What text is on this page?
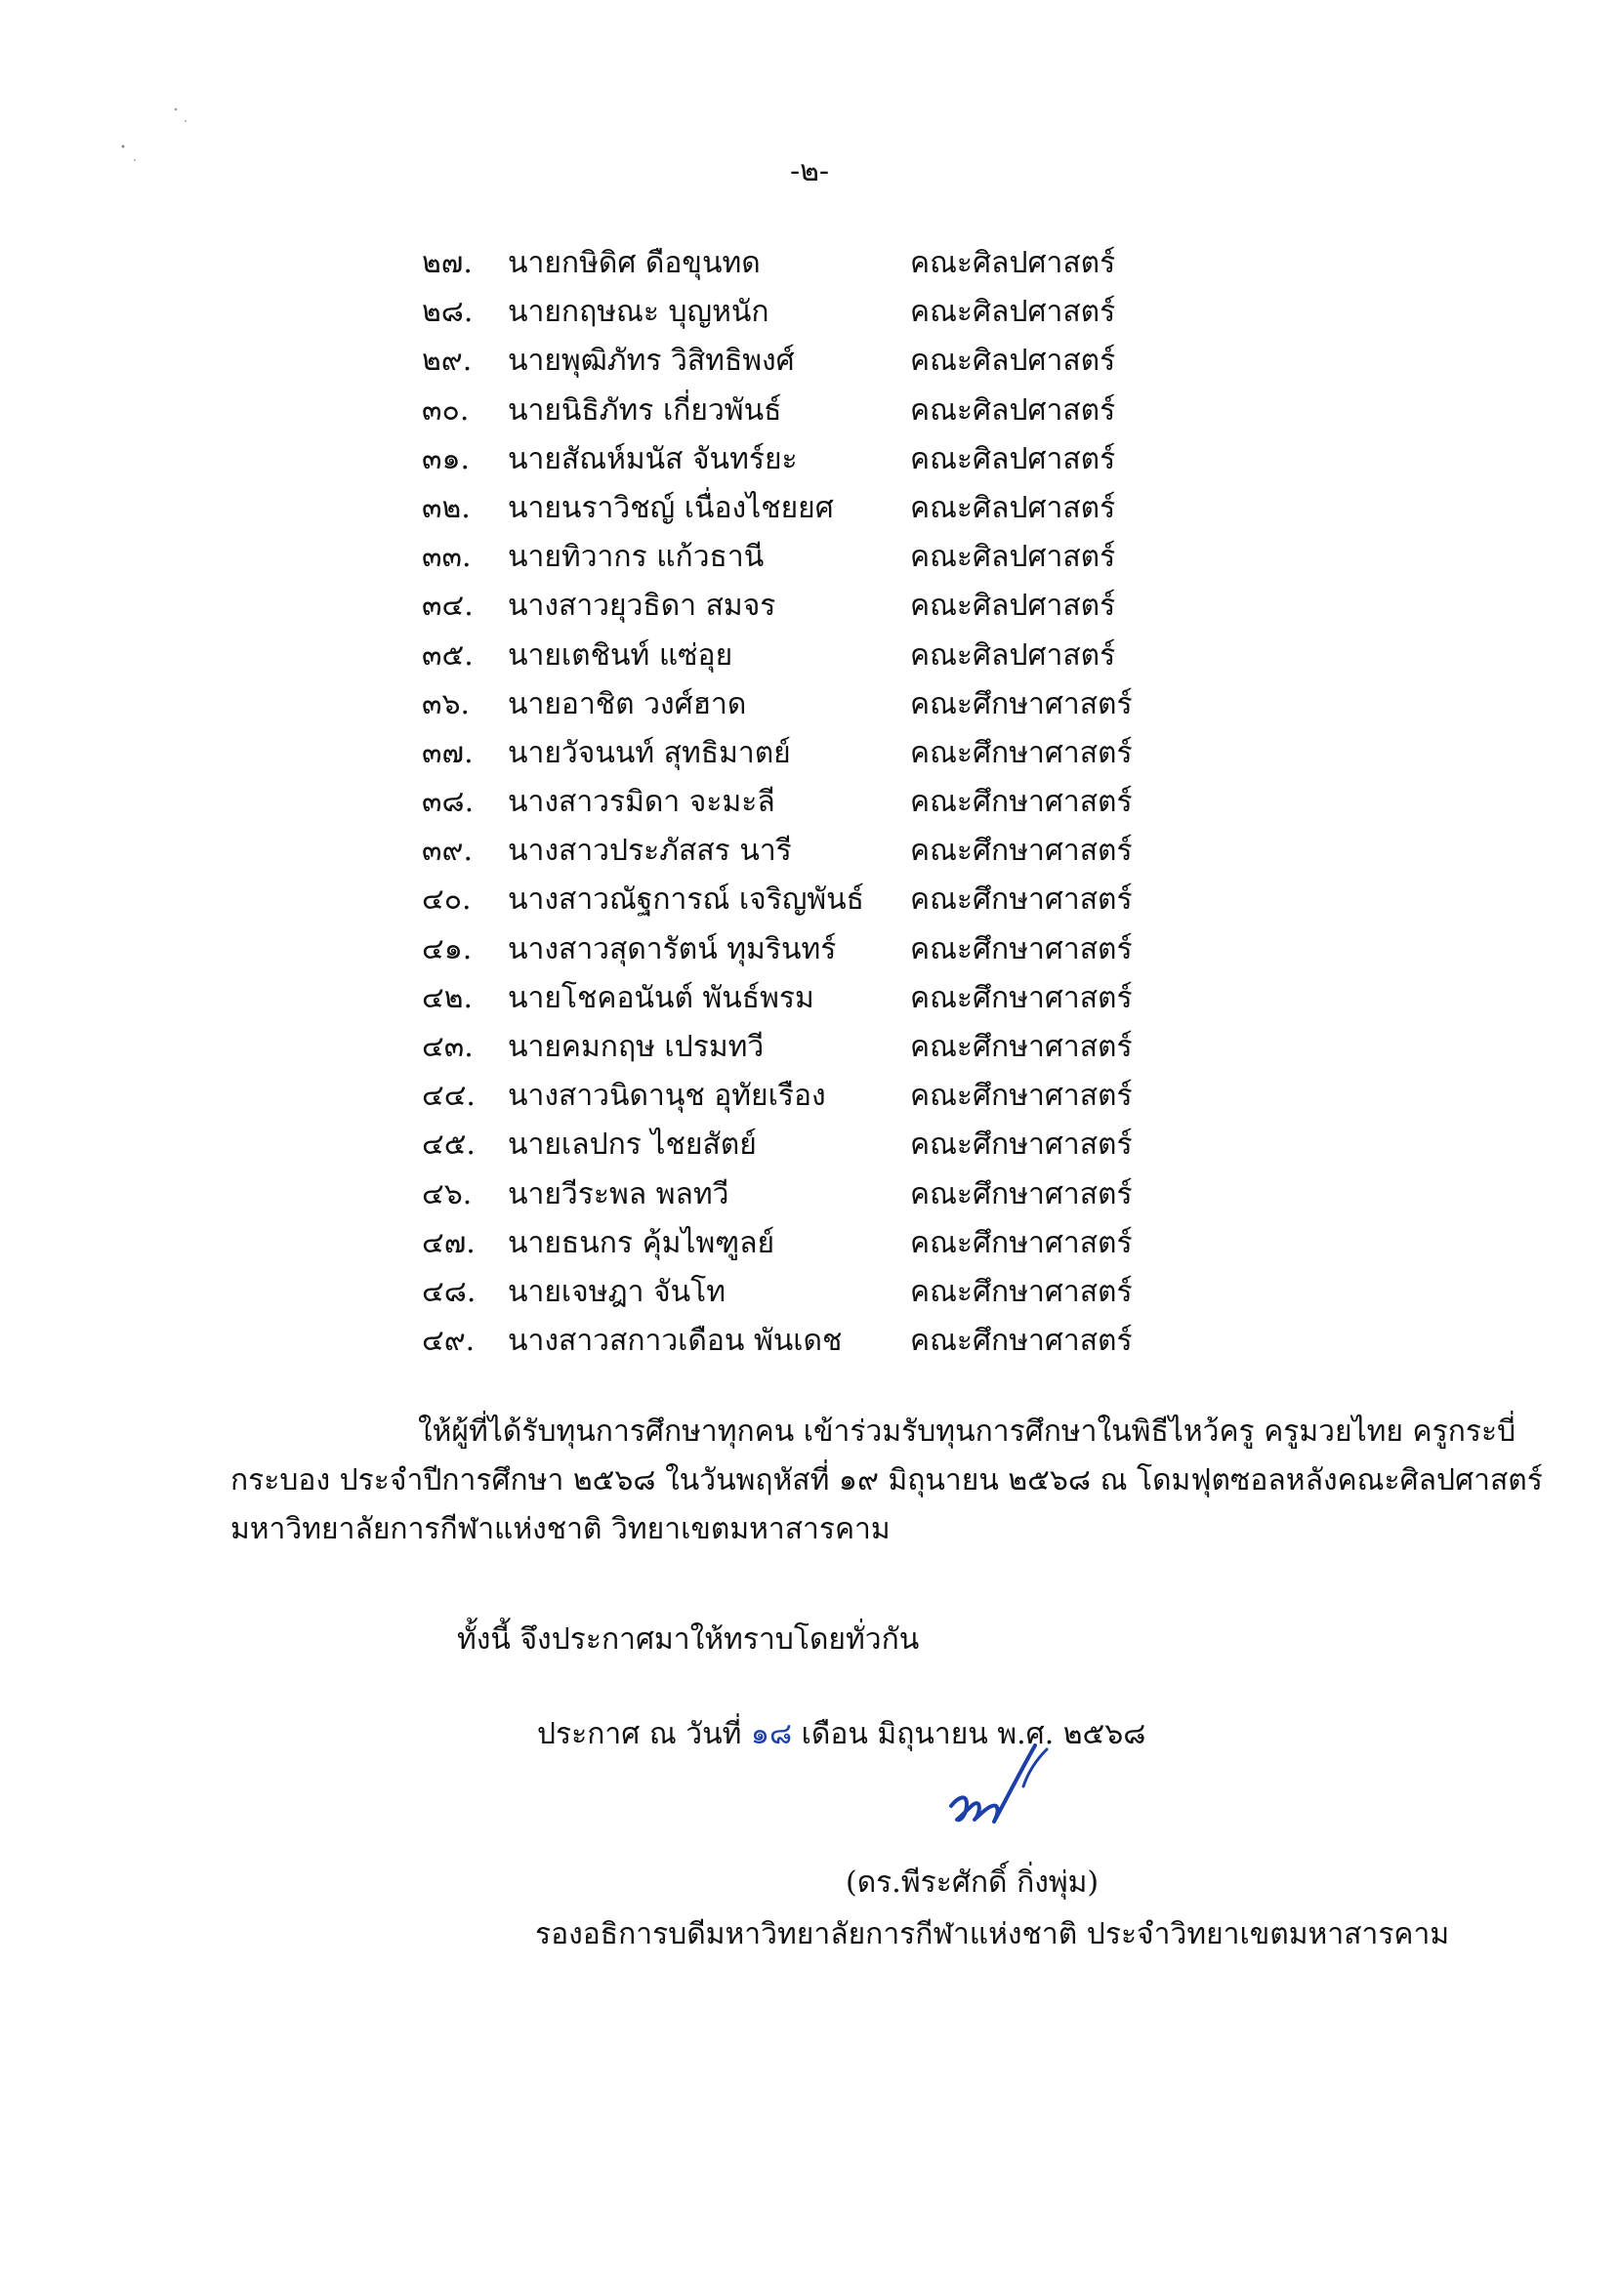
-๒-
๒๗. นายกษิดิศ ดือขุนทด	คณะศิลปศาสตร์
๒๘. นายกฤษณะ บุญหนัก	คณะศิลปศาสตร์
๒๙. นายพุฒิภัทร วิสิทธิพงศ์	คณะศิลปศาสตร์
๓๐. นายนิธิภัทร เกี่ยวพันธ์	คณะศิลปศาสตร์
๓๑. นายสัณห์มนัส จันทร์ยะ	คณะศิลปศาสตร์
๓๒. นายนราวิชญ์ เนื่องไชยยศ	คณะศิลปศาสตร์
๓๓. นายทิวากร แก้วธานี	คณะศิลปศาสตร์
๓๔. นางสาวยุวธิดา สมจร	คณะศิลปศาสตร์
๓๕. นายเตชินท์ แซ่อุย	คณะศิลปศาสตร์
๓๖. นายอาชิต วงศ์ฮาด	คณะศึกษาศาสตร์
๓๗. นายวัจนนท์ สุทธิมาตย์	คณะศึกษาศาสตร์
๓๘. นางสาวรมิดา จะมะลี	คณะศึกษาศาสตร์
๓๙. นางสาวประภัสสร นารี	คณะศึกษาศาสตร์
๔๐. นางสาวณัฐการณ์ เจริญพันธ์ คณะศึกษาศาสตร์
๔๑. นางสาวสุดารัตน์ ทุมรินทร์	คณะศึกษาศาสตร์
๔๒. นายโชคอนันต์ พันธ์พรม	คณะศึกษาศาสตร์
๔๓. นายคมกฤษ เปรมทวี	คณะศึกษาศาสตร์
๔๔. นางสาวนิดานุช อุทัยเรือง	คณะศึกษาศาสตร์
๔๕. นายเลปกร ไชยสัตย์	คณะศึกษาศาสตร์
๔๖. นายวีระพล พลทวี	คณะศึกษาศาสตร์
๔๗. นายธนกร คุ้มไพฑูลย์	คณะศึกษาศาสตร์
๔๘. นายเจษฎา จันโท	คณะศึกษาศาสตร์
๔๙. นางสาวสกาวเดือน พันเดช คณะศึกษาศาสตร์
ให้ผู้ที่ได้รับทุนการศึกษาทุกคน เข้าร่วมรับทุนการศึกษาในพิธีไหว้ครู ครูมวยไทย ครูกระบี่
กระบอง ประจำปีการศึกษา ๒๕๖๘ ในวันพฤหัสที่ ๑๙ มิถุนายน ๒๕๖๘ ณ โดมฟุตซอลหลังคณะศิลปศาสตร์
มหาวิทยาลัยการกีฬาแห่งชาติ วิทยาเขตมหาสารคาม
ทั้งนี้ จึงประกาศมาให้ทราบโดยทั่วกัน
ประกาศ ณ วันที่ ๑๘ เดือน มิถุนายน พ.ศ. ๒๕๖๘
(ดร.พีระศักดิ์ กิ่งพุ่ม)
รองอธิการบดีมหาวิทยาลัยการกีฬาแห่งชาติ ประจำวิทยาเขตมหาสารคาม
